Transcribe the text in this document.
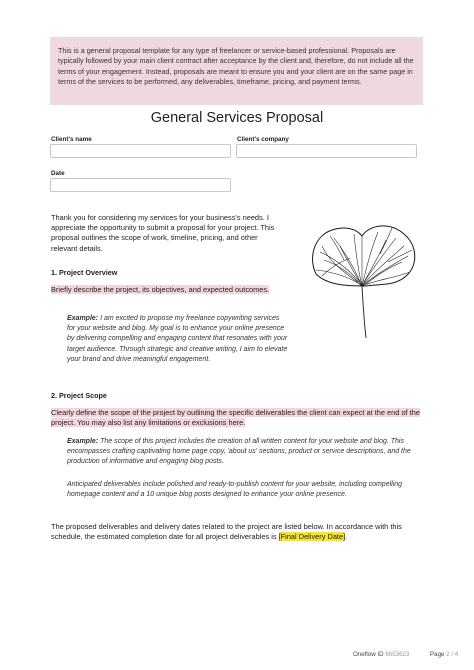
This is a general proposal template for any type of freelancer or service-based professional. Proposals are typically followed by your main client contract after acceptance by the client and, therefore, do not include all the terms of your engagement. Instead, proposals are meant to ensure you and your client are on the same page in terms of the services to be performed, any deliverables, timeframe, pricing, and payment terms.
General Services Proposal
Client's name	Client's company
Date
Thank you for considering my services for your business's needs. I appreciate the opportunity to submit a proposal for your project. This proposal outlines the scope of work, timeline, pricing, and other relevant details.
1. Project Overview
Briefly describe the project, its objectives, and expected outcomes.
Example: I am excited to propose my freelance copywriting services for your website and blog. My goal is to enhance your online presence by delivering compelling and engaging content that resonates with your target audience. Through strategic and creative writing, I aim to elevate your brand and drive meaningful engagement.
2. Project Scope
Clearly define the scope of the project by outlining the specific deliverables the client can expect at the end of the project. You may also list any limitations or exclusions here.
Example: The scope of this project includes the creation of all written content for your website and blog. This encompasses crafting captivating home page copy, 'about us' sections, product or service descriptions, and the production of informative and engaging blog posts.
Anticipated deliverables include polished and ready-to-publish content for your website, including compelling homepage content and a 10 unique blog posts designed to enhance your online presence.
The proposed deliverables and delivery dates related to the project are listed below. In accordance with this schedule, the estimated completion date for all project deliverables is [Final Delivery Date].
Oneflow ID 6653623	Page 2 / 4
